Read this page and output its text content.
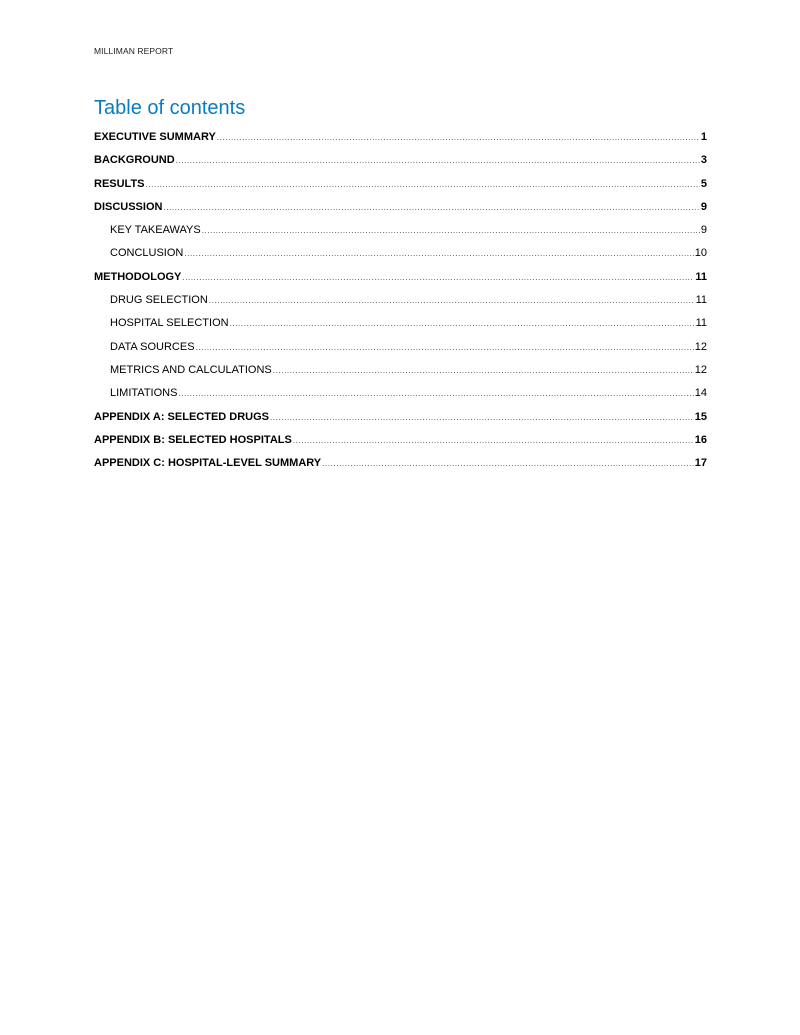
MILLIMAN REPORT
Table of contents
EXECUTIVE SUMMARY .....	1
BACKGROUND .....	3
RESULTS .....	5
DISCUSSION .....	9
KEY TAKEAWAYS .....	9
CONCLUSION .....	10
METHODOLOGY .....	11
DRUG SELECTION .....	11
HOSPITAL SELECTION .....	11
DATA SOURCES .....	12
METRICS AND CALCULATIONS .....	12
LIMITATIONS .....	14
APPENDIX A: SELECTED DRUGS .....	15
APPENDIX B: SELECTED HOSPITALS .....	16
APPENDIX C: HOSPITAL-LEVEL SUMMARY .....	17
